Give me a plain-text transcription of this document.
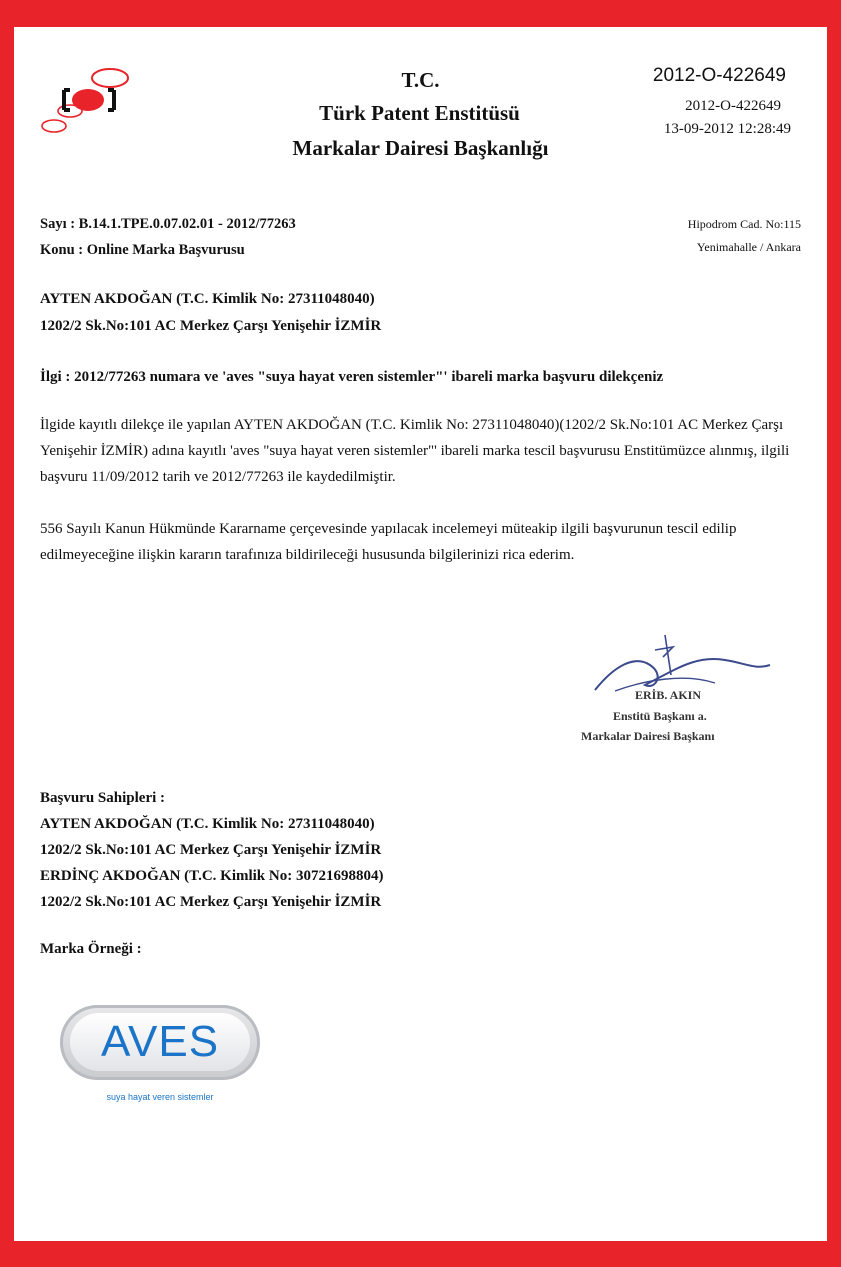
T.C.
Türk Patent Enstitüsü
Markalar Dairesi Başkanlığı
2012-O-422649
2012-O-422649
13-09-2012 12:28:49
Hipodrom Cad. No:115
Yenimahalle / Ankara
Sayı : B.14.1.TPE.0.07.02.01 - 2012/77263
Konu : Online Marka Başvurusu
AYTEN AKDOĞAN (T.C. Kimlik No: 27311048040)
1202/2 Sk.No:101 AC Merkez Çarşı Yenişehir İZMİR
İlgi : 2012/77263 numara ve 'aves "suya hayat veren sistemler"' ibareli marka başvuru dilekçeniz
İlgide kayıtlı dilekçe ile yapılan AYTEN AKDOĞAN (T.C. Kimlik No: 27311048040)(1202/2 Sk.No:101 AC Merkez Çarşı Yenişehir İZMİR) adına kayıtlı 'aves "suya hayat veren sistemler"' ibareli marka tescil başvurusu Enstitümüzce alınmış, ilgili başvuru 11/09/2012 tarih ve 2012/77263 ile kaydedilmiştir.
556 Sayılı Kanun Hükmünde Kararname çerçevesinde yapılacak incelemeyi müteakip ilgili başvurunun tescil edilip edilmeyeceğine ilişkin kararın tarafınıza bildirileceği hususunda bilgilerinizi rica ederim.
ERİB. AKIN
Enstitü Başkanı a.
Markalar Dairesi Başkanı
Başvuru Sahipleri :
AYTEN AKDOĞAN (T.C. Kimlik No: 27311048040)
1202/2 Sk.No:101 AC Merkez Çarşı Yenişehir İZMİR
ERDİNÇ AKDOĞAN (T.C. Kimlik No: 30721698804)
1202/2 Sk.No:101 AC Merkez Çarşı Yenişehir İZMİR
Marka Örneği :
AVES
suya hayat veren sistemler
